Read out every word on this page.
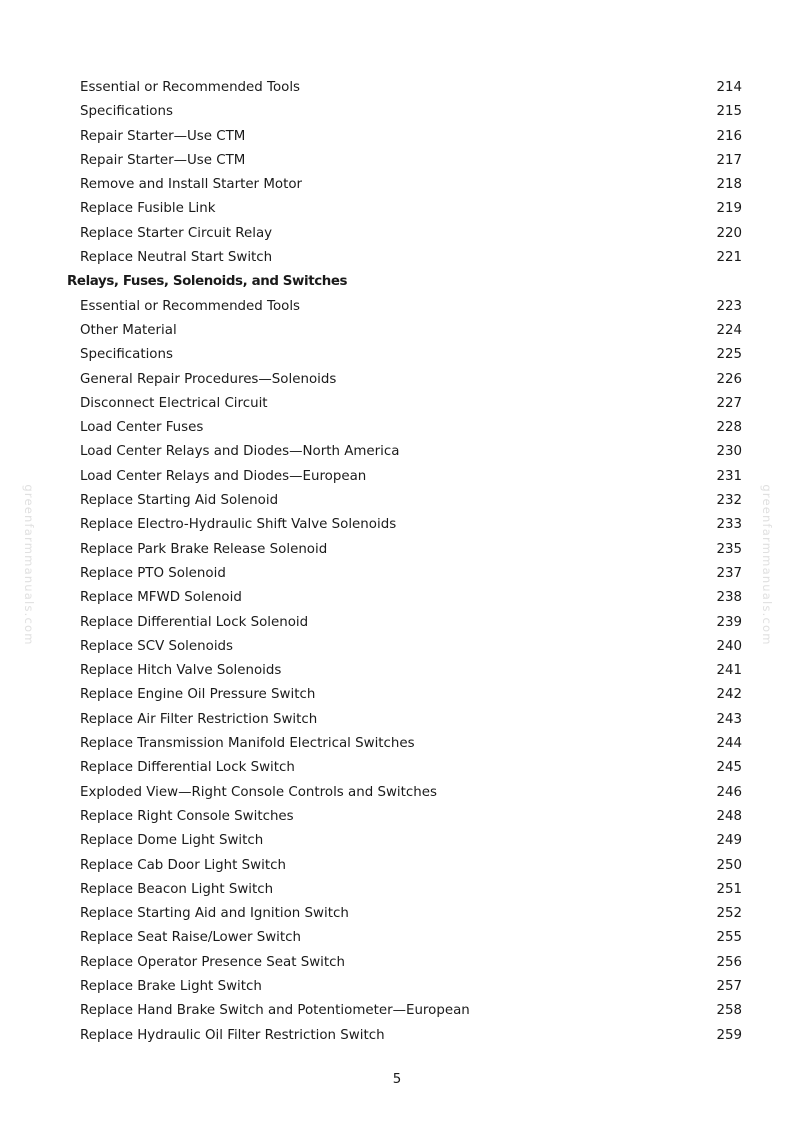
greenfarmmanuals.com	greenfarmmanuals.com
Essential or Recommended Tools	214
Specifications	215
Repair Starter—Use CTM	216
Repair Starter—Use CTM	217
Remove and Install Starter Motor	218
Replace Fusible Link	219
Replace Starter Circuit Relay	220
Replace Neutral Start Switch	221
Relays, Fuses, Solenoids, and Switches
Essential or Recommended Tools	223
Other Material	224
Specifications	225
General Repair Procedures—Solenoids	226
Disconnect Electrical Circuit	227
Load Center Fuses	228
Load Center Relays and Diodes—North America	230
Load Center Relays and Diodes—European	231
Replace Starting Aid Solenoid	232
Replace Electro-Hydraulic Shift Valve Solenoids	233
Replace Park Brake Release Solenoid	235
Replace PTO Solenoid	237
Replace MFWD Solenoid	238
Replace Differential Lock Solenoid	239
Replace SCV Solenoids	240
Replace Hitch Valve Solenoids	241
Replace Engine Oil Pressure Switch	242
Replace Air Filter Restriction Switch	243
Replace Transmission Manifold Electrical Switches	244
Replace Differential Lock Switch	245
Exploded View—Right Console Controls and Switches	246
Replace Right Console Switches	248
Replace Dome Light Switch	249
Replace Cab Door Light Switch	250
Replace Beacon Light Switch	251
Replace Starting Aid and Ignition Switch	252
Replace Seat Raise/Lower Switch	255
Replace Operator Presence Seat Switch	256
Replace Brake Light Switch	257
Replace Hand Brake Switch and Potentiometer—European	258
Replace Hydraulic Oil Filter Restriction Switch	259
5
